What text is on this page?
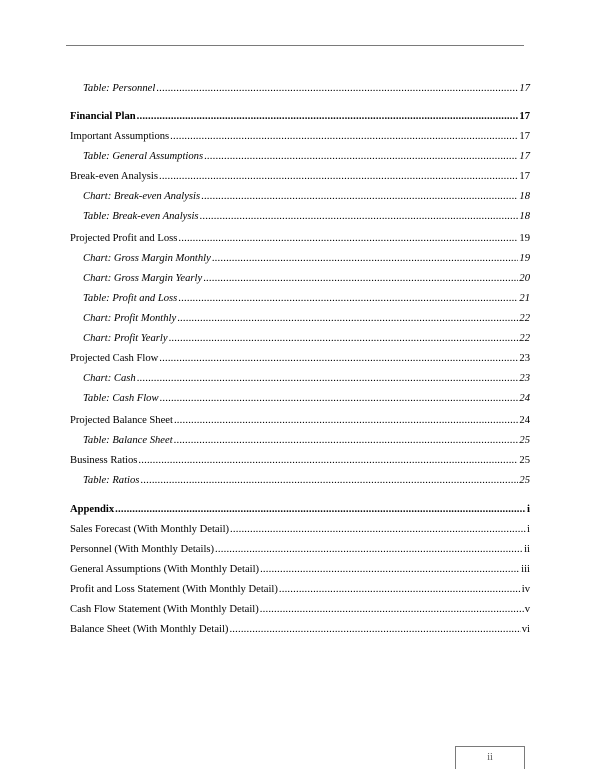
Table: Personnel .....	17
Financial Plan .....	17
Important Assumptions .....	17
Table: General Assumptions .....	17
Break-even Analysis .....	17
Chart: Break-even Analysis .....	18
Table: Break-even Analysis .....	18
Projected Profit and Loss .....	19
Chart: Gross Margin Monthly .....	19
Chart: Gross Margin Yearly .....	20
Table: Profit and Loss .....	21
Chart: Profit Monthly .....	22
Chart: Profit Yearly .....	22
Projected Cash Flow .....	23
Chart: Cash .....	23
Table: Cash Flow .....	24
Projected Balance Sheet .....	24
Table: Balance Sheet .....	25
Business Ratios .....	25
Table: Ratios .....	25
Appendix .....	i
Sales Forecast (With Monthly Detail) .....	i
Personnel (With Monthly Details) .....	ii
General Assumptions (With Monthly Detail) .....	iii
Profit and Loss Statement (With Monthly Detail) .....	iv
Cash Flow Statement (With Monthly Detail) .....	v
Balance Sheet (With Monthly Detail) .....	vi
ii
